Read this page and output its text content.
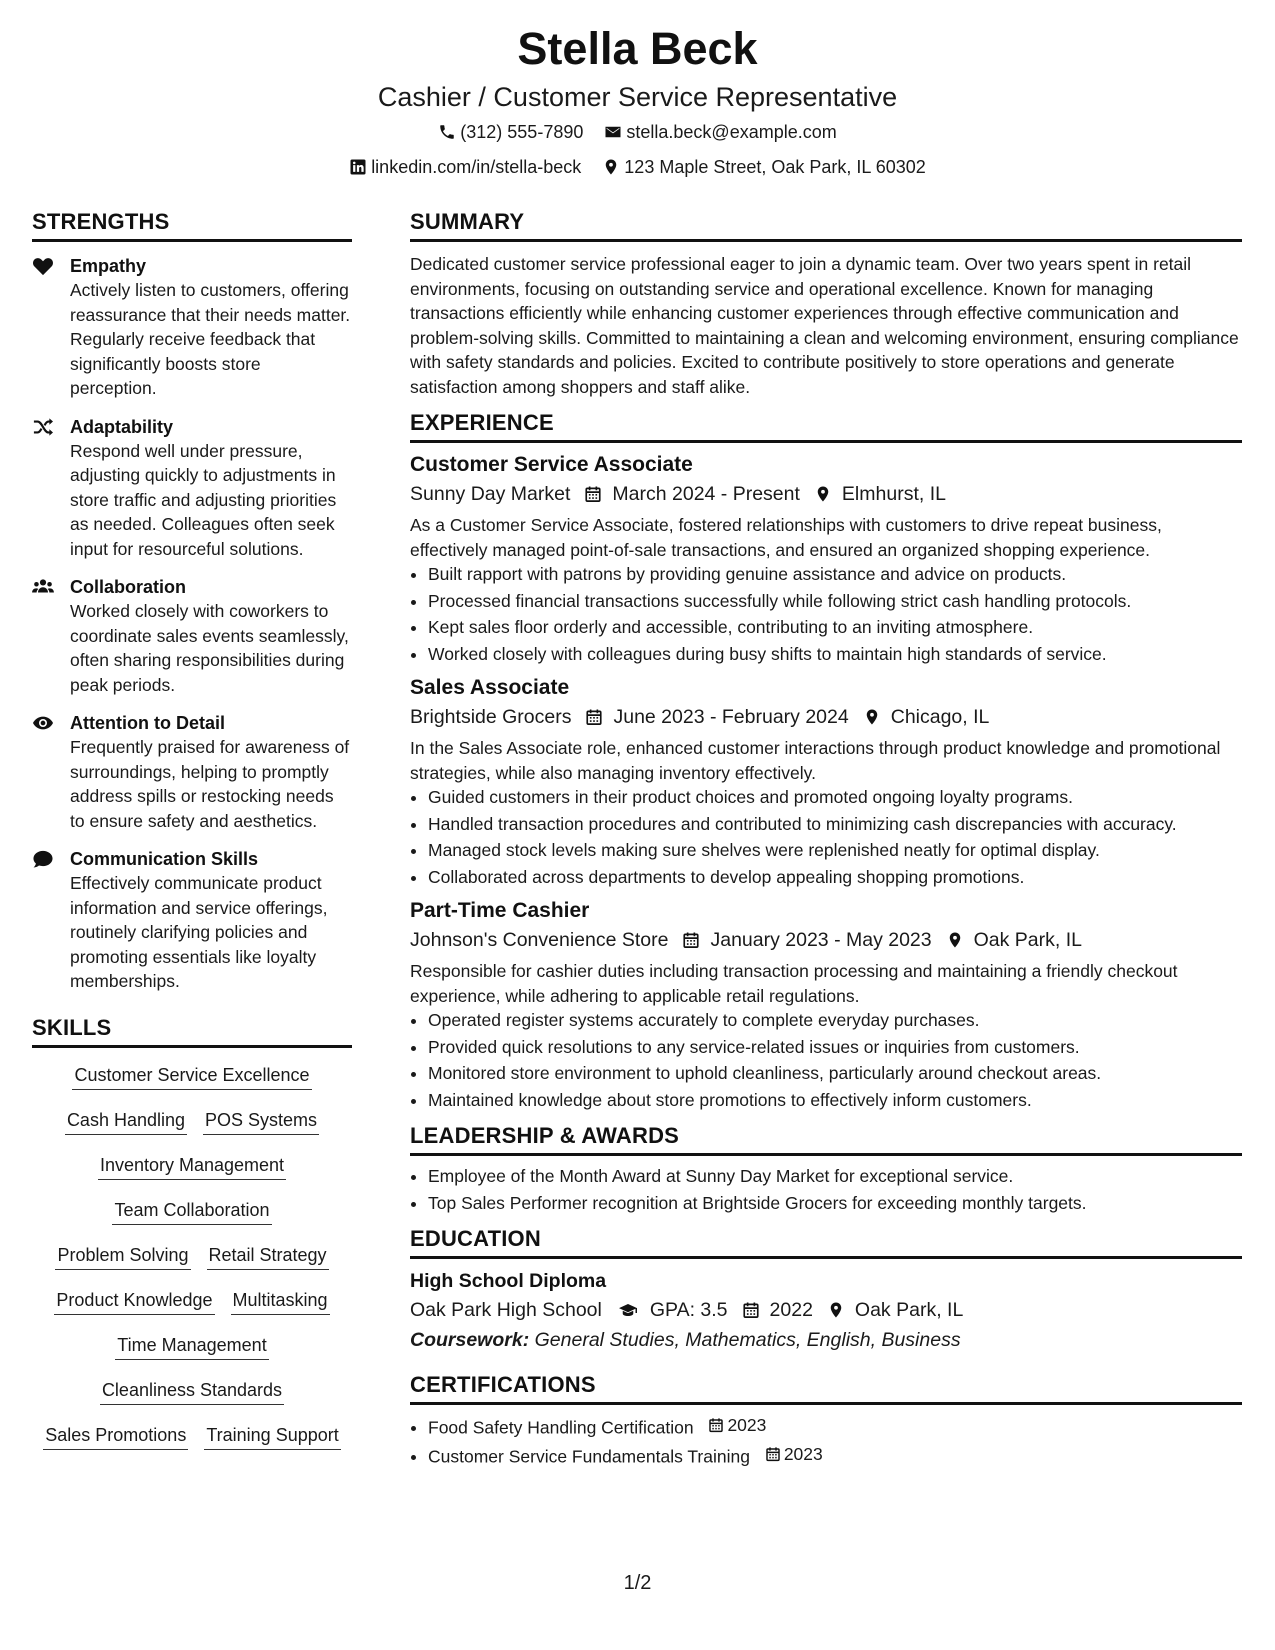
Stella Beck
Cashier / Customer Service Representative
(312) 555-7890
stella.beck@example.com
linkedin.com/in/stella-beck
123 Maple Street, Oak Park, IL 60302
STRENGTHS
Empathy
Actively listen to customers, offering reassurance that their needs matter. Regularly receive feedback that significantly boosts store perception.
Adaptability
Respond well under pressure, adjusting quickly to adjustments in store traffic and adjusting priorities as needed. Colleagues often seek input for resourceful solutions.
Collaboration
Worked closely with coworkers to coordinate sales events seamlessly, often sharing responsibilities during peak periods.
Attention to Detail
Frequently praised for awareness of surroundings, helping to promptly address spills or restocking needs to ensure safety and aesthetics.
Communication Skills
Effectively communicate product information and service offerings, routinely clarifying policies and promoting essentials like loyalty memberships.
SKILLS
Customer Service Excellence
Cash Handling POS Systems
Inventory Management
Team Collaboration
Problem Solving Retail Strategy
Product Knowledge Multitasking
Time Management
Cleanliness Standards
Sales Promotions Training Support
SUMMARY
Dedicated customer service professional eager to join a dynamic team. Over two years spent in retail environments, focusing on outstanding service and operational excellence. Known for managing transactions efficiently while enhancing customer experiences through effective communication and problem-solving skills. Committed to maintaining a clean and welcoming environment, ensuring compliance with safety standards and policies. Excited to contribute positively to store operations and generate satisfaction among shoppers and staff alike.
EXPERIENCE
Customer Service Associate
Sunny Day Market March 2024 - Present Elmhurst, IL
As a Customer Service Associate, fostered relationships with customers to drive repeat business, effectively managed point-of-sale transactions, and ensured an organized shopping experience.
• Built rapport with patrons by providing genuine assistance and advice on products.
• Processed financial transactions successfully while following strict cash handling protocols.
• Kept sales floor orderly and accessible, contributing to an inviting atmosphere.
• Worked closely with colleagues during busy shifts to maintain high standards of service.
Sales Associate
Brightside Grocers June 2023 - February 2024 Chicago, IL
In the Sales Associate role, enhanced customer interactions through product knowledge and promotional strategies, while also managing inventory effectively.
• Guided customers in their product choices and promoted ongoing loyalty programs.
• Handled transaction procedures and contributed to minimizing cash discrepancies with accuracy.
• Managed stock levels making sure shelves were replenished neatly for optimal display.
• Collaborated across departments to develop appealing shopping promotions.
Part-Time Cashier
Johnson's Convenience Store January 2023 - May 2023 Oak Park, IL
Responsible for cashier duties including transaction processing and maintaining a friendly checkout experience, while adhering to applicable retail regulations.
• Operated register systems accurately to complete everyday purchases.
• Provided quick resolutions to any service-related issues or inquiries from customers.
• Monitored store environment to uphold cleanliness, particularly around checkout areas.
• Maintained knowledge about store promotions to effectively inform customers.
LEADERSHIP & AWARDS
• Employee of the Month Award at Sunny Day Market for exceptional service.
• Top Sales Performer recognition at Brightside Grocers for exceeding monthly targets.
EDUCATION
High School Diploma
Oak Park High School GPA: 3.5 2022 Oak Park, IL
Coursework: General Studies, Mathematics, English, Business
CERTIFICATIONS
• Food Safety Handling Certification 2023
• Customer Service Fundamentals Training 2023
1/2
